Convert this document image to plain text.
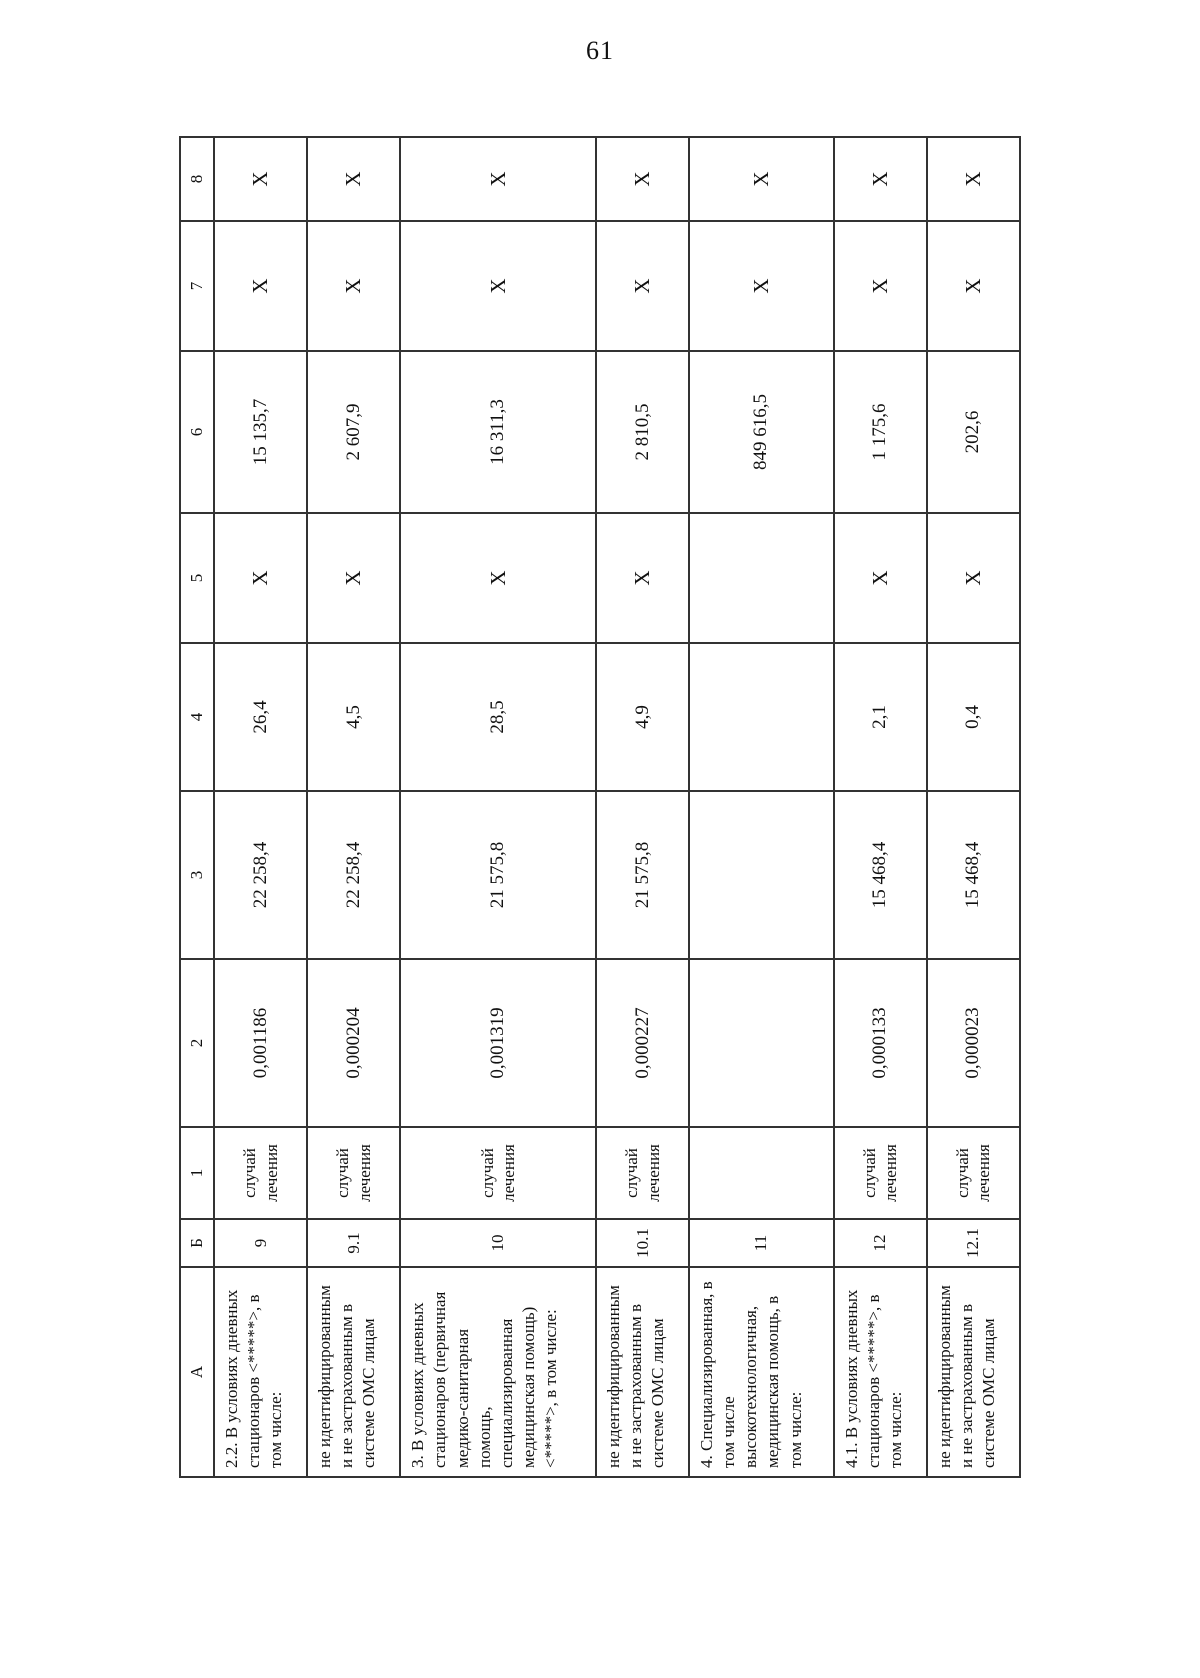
61
А	Б	1	2	3	4	5	6	7	8
2.2. В условиях дневных стационаров <*****>, в том числе:	9	случай лечения	0,001186	22 258,4	26,4	X	15 135,7	X	X
не идентифицированным и не застрахованным в системе ОМС лицам	9.1	случай лечения	0,000204	22 258,4	4,5	X	2 607,9	X	X
3. В условиях дневных стационаров (первичная медико-санитарная помощь, специализированная медицинская помощь) <*****>, в том числе:	10	случай лечения	0,001319	21 575,8	28,5	X	16 311,3	X	X
не идентифицированным и не застрахованным в системе ОМС лицам	10.1	случай лечения	0,000227	21 575,8	4,9	X	2 810,5	X	X
4. Специализированная, в том числе высокотехнологичная, медицинская помощь, в том числе:	11						849 616,5	X	X
4.1. В условиях дневных стационаров <*****>, в том числе:	12	случай лечения	0,000133	15 468,4	2,1	X	1 175,6	X	X
не идентифицированным и не застрахованным в системе ОМС лицам	12.1	случай лечения	0,000023	15 468,4	0,4	X	202,6	X	X
